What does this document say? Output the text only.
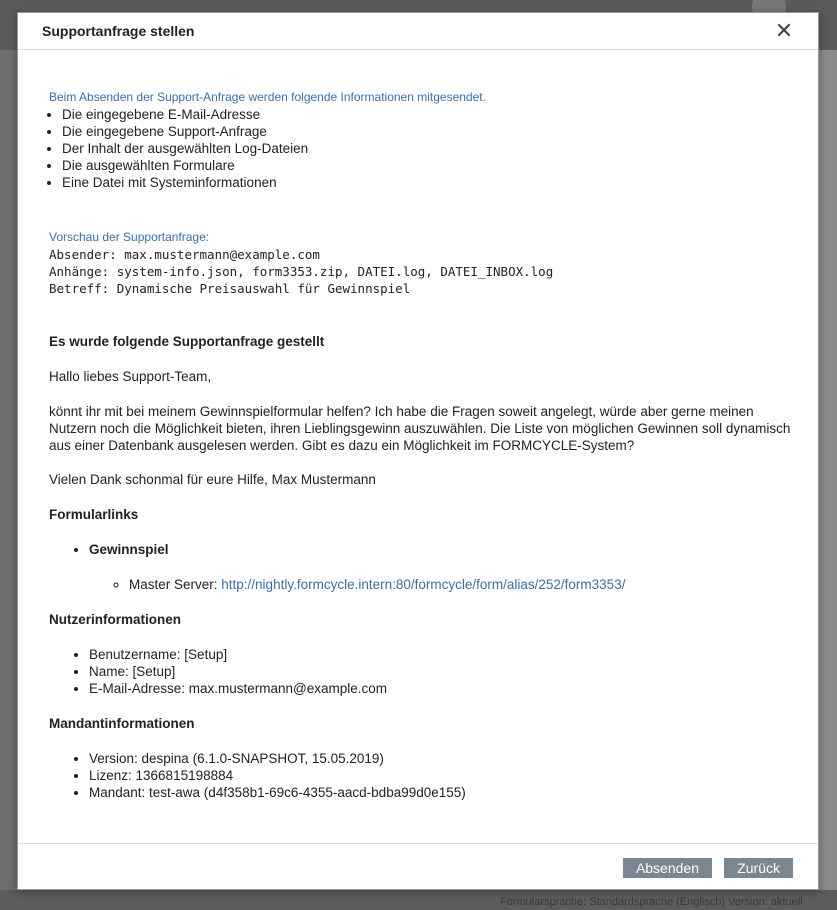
Formularsprache: Standardsprache (Englisch) Version: aktuell
Supportanfrage stellen	✕
Beim Absenden der Support-Anfrage werden folgende Informationen mitgesendet.
• Die eingegebene E-Mail-Adresse
• Die eingegebene Support-Anfrage
• Der Inhalt der ausgewählten Log-Dateien
• Die ausgewählten Formulare
• Eine Datei mit Systeminformationen
Vorschau der Supportanfrage:
Absender: max.mustermann@example.com
Anhänge: system-info.json, form3353.zip, DATEI.log, DATEI_INBOX.log
Betreff: Dynamische Preisauswahl für Gewinnspiel
Es wurde folgende Supportanfrage gestellt

Hallo liebes Support-Team,

könnt ihr mit bei meinem Gewinnspielformular helfen? Ich habe die Fragen soweit angelegt, würde aber gerne meinen Nutzern noch die Möglichkeit bieten, ihren Lieblingsgewinn auszuwählen. Die Liste von möglichen Gewinnen soll dynamisch aus einer Datenbank ausgelesen werden. Gibt es dazu ein Möglichkeit im FORMCYCLE-System?

Vielen Dank schonmal für eure Hilfe, Max Mustermann

Formularlinks
• Gewinnspiel
◦ Master Server: http://nightly.formcycle.intern:80/formcycle/form/alias/252/form3353/
Nutzerinformationen
• Benutzername: [Setup]
• Name: [Setup]
• E-Mail-Adresse: max.mustermann@example.com
Mandantinformationen
• Version: despina (6.1.0-SNAPSHOT, 15.05.2019)
• Lizenz: 1366815198884
• Mandant: test-awa (d4f358b1-69c6-4355-aacd-bdba99d0e155)
Absenden	Zurück
